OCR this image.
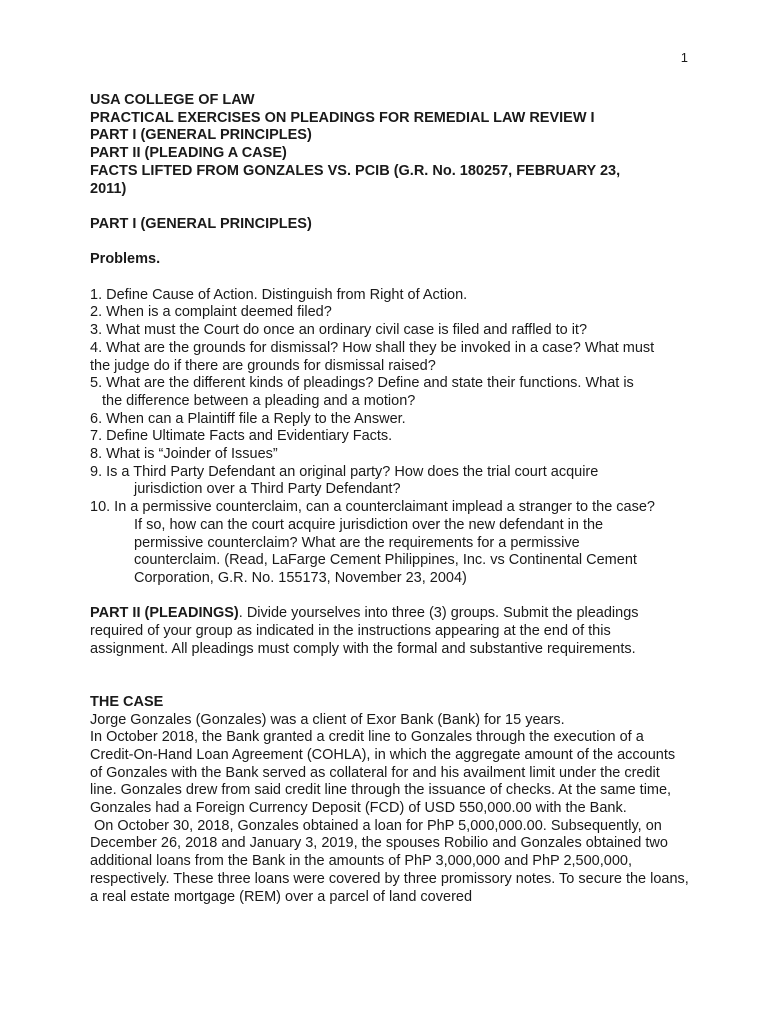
1

USA COLLEGE OF LAW

PRACTICAL EXERCISES ON PLEADINGS FOR REMEDIAL LAW REVIEW I

PART I (GENERAL PRINCIPLES)

PART II (PLEADING A CASE)

FACTS LIFTED FROM GONZALES VS. PCIB (G.R. No. 180257, FEBRUARY 23,

2011)

PART I (GENERAL PRINCIPLES)

Problems.

1. Define Cause of Action. Distinguish from Right of Action.
2. When is a complaint deemed filed?
3. What must the Court do once an ordinary civil case is filed and raffled to it?
4. What are the grounds for dismissal? How shall they be invoked in a case? What must
the judge do if there are grounds for dismissal raised?
5. What are the different kinds of pleadings? Define and state their functions. What is
the difference between a pleading and a motion?
6. When can a Plaintiff file a Reply to the Answer.
7. Define Ultimate Facts and Evidentiary Facts.
8. What is “Joinder of Issues”
9. Is a Third Party Defendant an original party? How does the trial court acquire
jurisdiction over a Third Party Defendant?
10. In a permissive counterclaim, can a counterclaimant implead a stranger to the case?
If so, how can the court acquire jurisdiction over the new defendant in the
permissive counterclaim? What are the requirements for a permissive
counterclaim. (Read, LaFarge Cement Philippines, Inc. vs Continental Cement
Corporation, G.R. No. 155173, November 23, 2004)

PART II (PLEADINGS). Divide yourselves into three (3) groups. Submit the pleadings required of your group as indicated in the instructions appearing at the end of this assignment. All pleadings must comply with the formal and substantive requirements.

THE CASE

Jorge Gonzales (Gonzales) was a client of Exor Bank (Bank) for 15 years.

In October 2018, the Bank granted a credit line to Gonzales through the execution of a Credit-On-Hand Loan Agreement (COHLA), in which the aggregate amount of the accounts of Gonzales with the Bank served as collateral for and his availment limit under the credit line. Gonzales drew from said credit line through the issuance of checks. At the same time, Gonzales had a Foreign Currency Deposit (FCD) of USD 550,000.00 with the Bank.

On October 30, 2018, Gonzales obtained a loan for PhP 5,000,000.00. Subsequently, on December 26, 2018 and January 3, 2019, the spouses Robilio and Gonzales obtained two additional loans from the Bank in the amounts of PhP 3,000,000 and PhP 2,500,000, respectively. These three loans were covered by three promissory notes. To secure the loans, a real estate mortgage (REM) over a parcel of land covered
